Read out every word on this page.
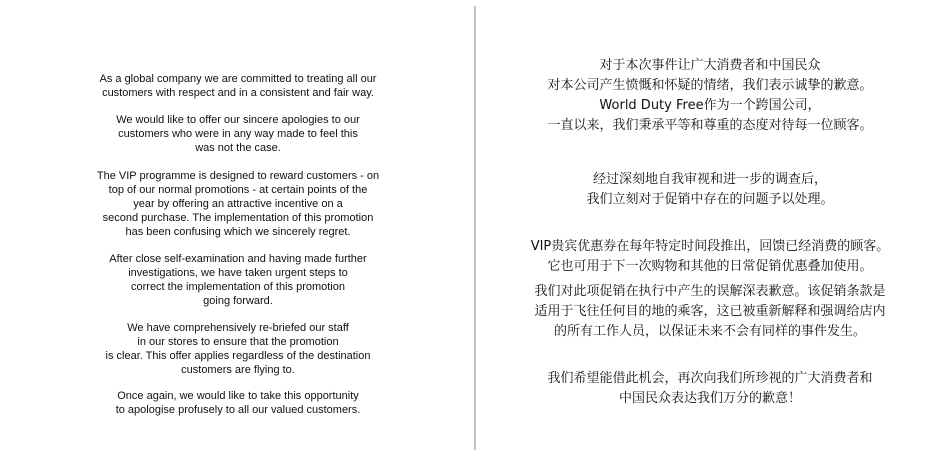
As a global company we are committed to treating all our
customers with respect and in a consistent and fair way.

We would like to offer our sincere apologies to our
customers who were in any way made to feel this
was not the case.

The VIP programme is designed to reward customers - on
top of our normal promotions - at certain points of the
year by offering an attractive incentive on a
second purchase. The implementation of this promotion
has been confusing which we sincerely regret.

After close self-examination and having made further
investigations, we have taken urgent steps to
correct the implementation of this promotion
going forward.

We have comprehensively re-briefed our staff
in our stores to ensure that the promotion
is clear. This offer applies regardless of the destination
customers are flying to.

Once again, we would like to take this opportunity
to apologise profusely to all our valued customers.

对于本次事件让广大消费者和中国民众
对本公司产生愤慨和怀疑的情绪，我们表示诚挚的歉意。
World Duty Free作为一个跨国公司，
一直以来，我们秉承平等和尊重的态度对待每一位顾客。

经过深刻地自我审视和进一步的调查后，
我们立刻对于促销中存在的问题予以处理。

VIP贵宾优惠券在每年特定时间段推出，回馈已经消费的顾客。
它也可用于下一次购物和其他的日常促销优惠叠加使用。

我们对此项促销在执行中产生的误解深表歉意。该促销条款是
适用于飞往任何目的地的乘客，这已被重新解释和强调给店内
的所有工作人员，以保证未来不会有同样的事件发生。

我们希望能借此机会，再次向我们所珍视的广大消费者和
中国民众表达我们万分的歉意！
